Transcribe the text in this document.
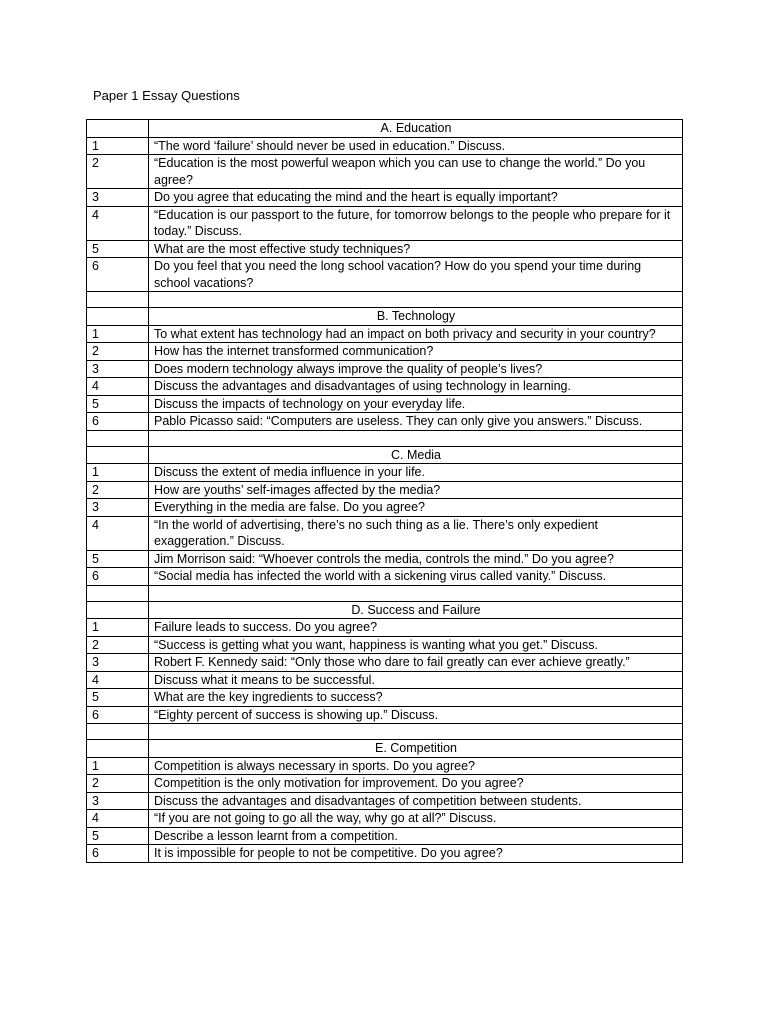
Paper 1 Essay Questions
	A. Education
1	“The word ‘failure’ should never be used in education.” Discuss.
2	“Education is the most powerful weapon which you can use to change the world.” Do you agree?
3	Do you agree that educating the mind and the heart is equally important?
4	“Education is our passport to the future, for tomorrow belongs to the people who prepare for it today.” Discuss.
5	What are the most effective study techniques?
6	Do you feel that you need the long school vacation? How do you spend your time during school vacations?

	B. Technology
1	To what extent has technology had an impact on both privacy and security in your country?
2	How has the internet transformed communication?
3	Does modern technology always improve the quality of people’s lives?
4	Discuss the advantages and disadvantages of using technology in learning.
5	Discuss the impacts of technology on your everyday life.
6	Pablo Picasso said: “Computers are useless. They can only give you answers.” Discuss.

	C. Media
1	Discuss the extent of media influence in your life.
2	How are youths’ self-images affected by the media?
3	Everything in the media are false. Do you agree?
4	“In the world of advertising, there’s no such thing as a lie. There’s only expedient exaggeration.” Discuss.
5	Jim Morrison said: “Whoever controls the media, controls the mind.” Do you agree?
6	“Social media has infected the world with a sickening virus called vanity.” Discuss.

	D. Success and Failure
1	Failure leads to success. Do you agree?
2	“Success is getting what you want, happiness is wanting what you get.” Discuss.
3	Robert F. Kennedy said: “Only those who dare to fail greatly can ever achieve greatly.”
4	Discuss what it means to be successful.
5	What are the key ingredients to success?
6	“Eighty percent of success is showing up.” Discuss.

	E. Competition
1	Competition is always necessary in sports. Do you agree?
2	Competition is the only motivation for improvement. Do you agree?
3	Discuss the advantages and disadvantages of competition between students.
4	“If you are not going to go all the way, why go at all?” Discuss.
5	Describe a lesson learnt from a competition.
6	It is impossible for people to not be competitive. Do you agree?
